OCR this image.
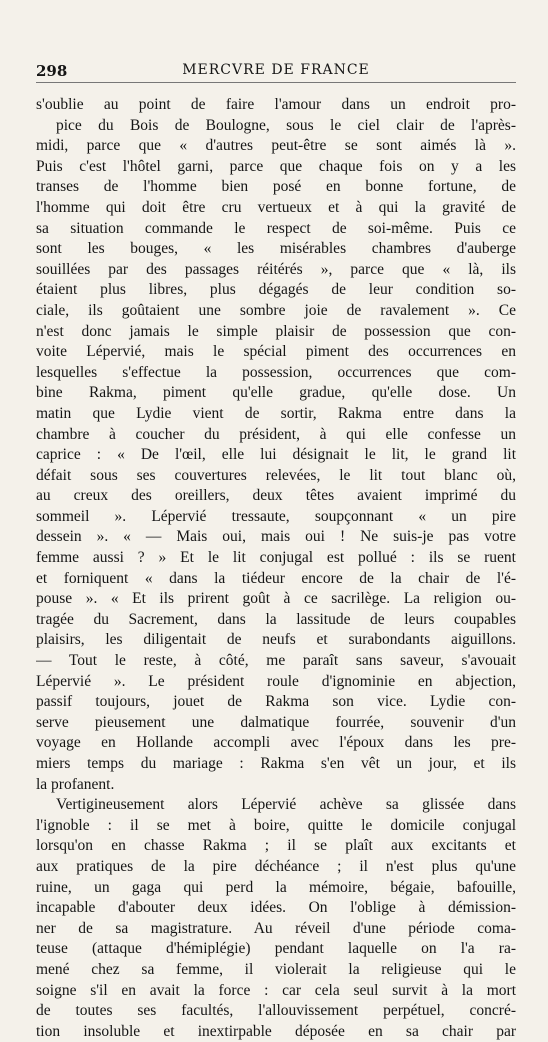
298	MERCVRE DE FRANCE
s'oublie au point de faire l'amour dans un endroit pro-
pice du Bois de Boulogne, sous le ciel clair de l'après-
midi, parce que « d'autres peut-être se sont aimés là ».
Puis c'est l'hôtel garni, parce que chaque fois on y a les
transes de l'homme bien posé en bonne fortune, de
l'homme qui doit être cru vertueux et à qui la gravité de
sa situation commande le respect de soi-même. Puis ce
sont les bouges, « les misérables chambres d'auberge
souillées par des passages réitérés », parce que « là, ils
étaient plus libres, plus dégagés de leur condition so-
ciale, ils goûtaient une sombre joie de ravalement ». Ce
n'est donc jamais le simple plaisir de possession que con-
voite Lépervié, mais le spécial piment des occurrences en
lesquelles s'effectue la possession, occurrences que com-
bine Rakma, piment qu'elle gradue, qu'elle dose. Un
matin que Lydie vient de sortir, Rakma entre dans la
chambre à coucher du président, à qui elle confesse un
caprice : « De l'œil, elle lui désignait le lit, le grand lit
défait sous ses couvertures relevées, le lit tout blanc où,
au creux des oreillers, deux têtes avaient imprimé du
sommeil ». Lépervié tressaute, soupçonnant « un pire
dessein ». « — Mais oui, mais oui ! Ne suis-je pas votre
femme aussi ? » Et le lit conjugal est pollué : ils se ruent
et forniquent « dans la tiédeur encore de la chair de l'é-
pouse ». « Et ils prirent goût à ce sacrilège. La religion ou-
tragée du Sacrement, dans la lassitude de leurs coupables
plaisirs, les diligentait de neufs et surabondants aiguillons.
— Tout le reste, à côté, me paraît sans saveur, s'avouait
Lépervié ». Le président roule d'ignominie en abjection,
passif toujours, jouet de Rakma son vice. Lydie con-
serve pieusement une dalmatique fourrée, souvenir d'un
voyage en Hollande accompli avec l'époux dans les pre-
miers temps du mariage : Rakma s'en vêt un jour, et ils
la profanent.
Vertigineusement alors Lépervié achève sa glissée dans
l'ignoble : il se met à boire, quitte le domicile conjugal
lorsqu'on en chasse Rakma ; il se plaît aux excitants et
aux pratiques de la pire déchéance ; il n'est plus qu'une
ruine, un gaga qui perd la mémoire, bégaie, bafouille,
incapable d'abouter deux idées. On l'oblige à démission-
ner de sa magistrature. Au réveil d'une période coma-
teuse (attaque d'hémiplégie) pendant laquelle on l'a ra-
mené chez sa femme, il violerait la religieuse qui le
soigne s'il en avait la force : car cela seul survit à la mort
de toutes ses facultés, l'allouvissement perpétuel, concré-
tion insoluble et inextirpable déposée en sa chair par
